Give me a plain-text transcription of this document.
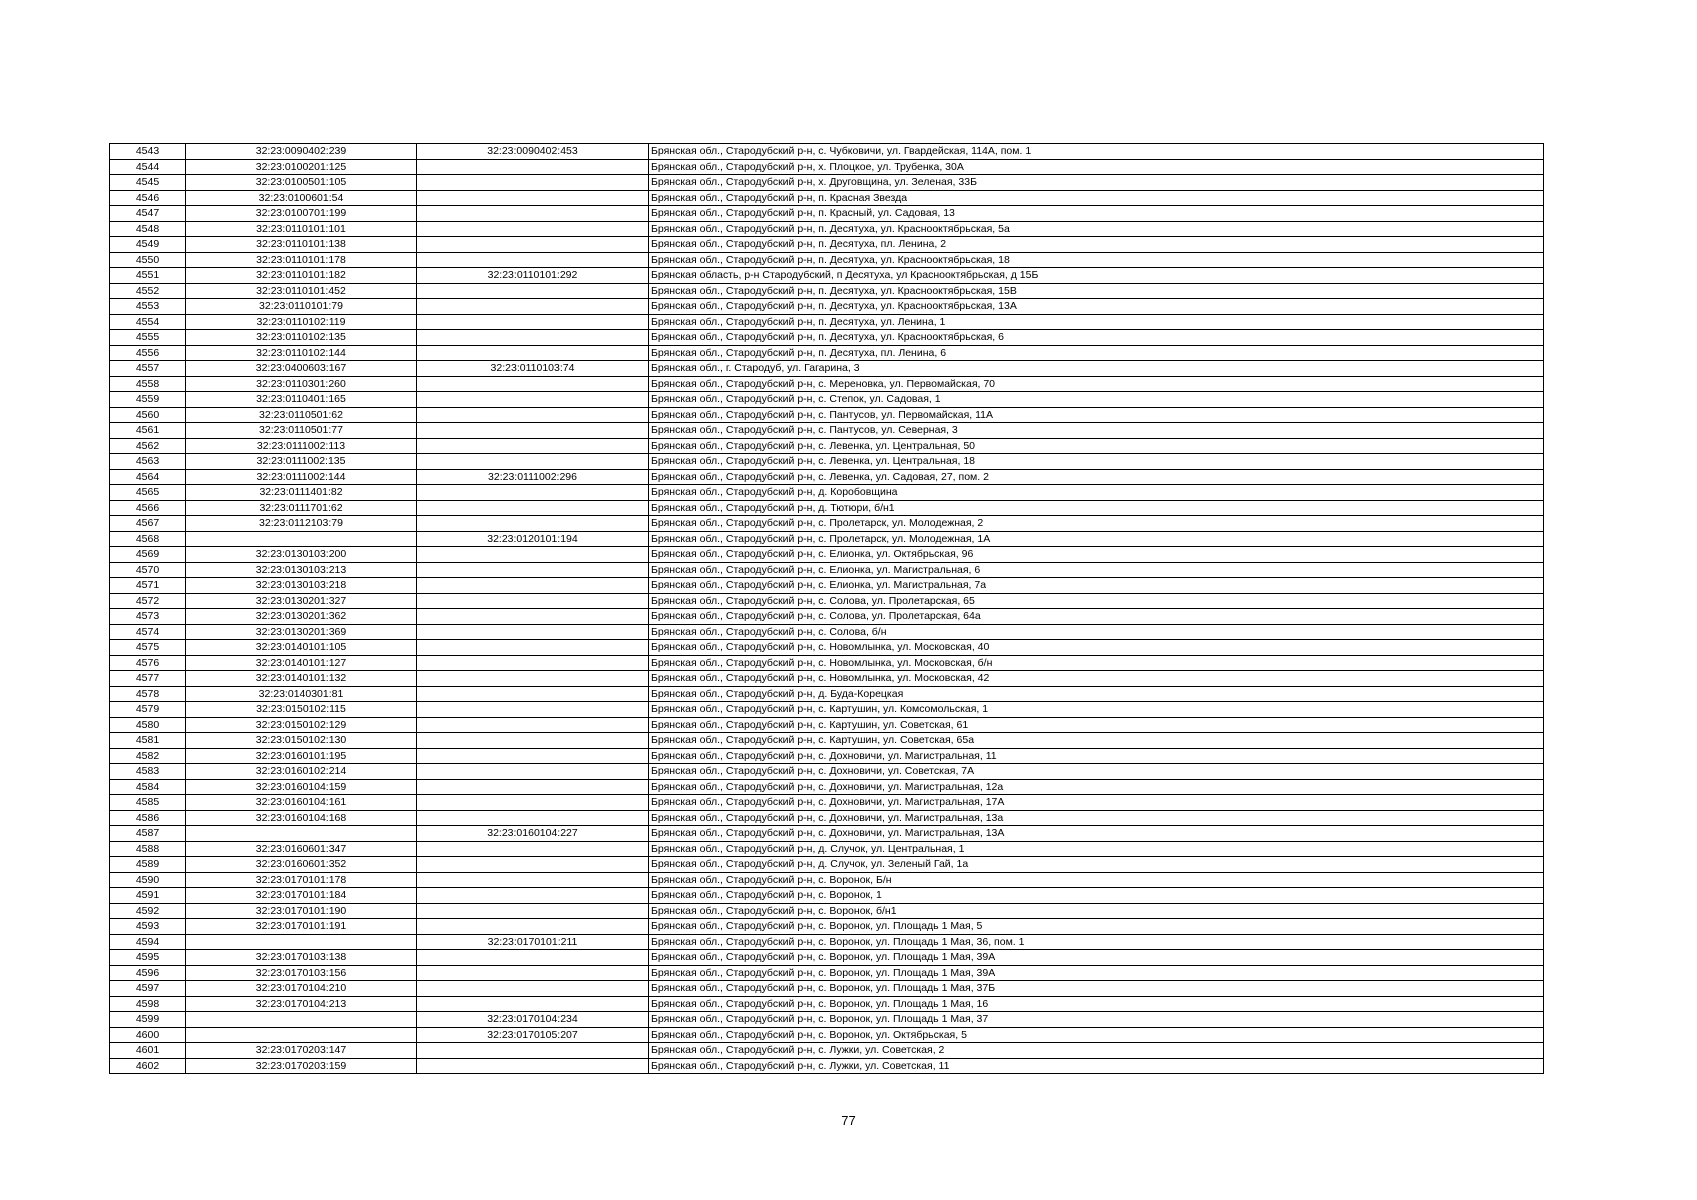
4543	32:23:0090402:239	32:23:0090402:453	Брянская обл., Стародубский р-н, с. Чубковичи, ул. Гвардейская, 114А, пом. 1
4544	32:23:0100201:125		Брянская обл., Стародубский р-н, х. Плоцкое, ул. Трубенка, 30А
4545	32:23:0100501:105		Брянская обл., Стародубский р-н, х. Друговщина, ул. Зеленая, 33Б
4546	32:23:0100601:54		Брянская обл., Стародубский р-н, п. Красная Звезда
4547	32:23:0100701:199		Брянская обл., Стародубский р-н, п. Красный, ул. Садовая, 13
4548	32:23:0110101:101		Брянская обл., Стародубский р-н, п. Десятуха, ул. Краснооктябрьская, 5а
4549	32:23:0110101:138		Брянская обл., Стародубский р-н, п. Десятуха, пл. Ленина, 2
4550	32:23:0110101:178		Брянская обл., Стародубский р-н, п. Десятуха, ул. Краснооктябрьская, 18
4551	32:23:0110101:182	32:23:0110101:292	Брянская область, р-н Стародубский, п Десятуха, ул Краснооктябрьская, д 15Б
4552	32:23:0110101:452		Брянская обл., Стародубский р-н, п. Десятуха, ул. Краснооктябрьская, 15В
4553	32:23:0110101:79		Брянская обл., Стародубский р-н, п. Десятуха, ул. Краснооктябрьская, 13А
4554	32:23:0110102:119		Брянская обл., Стародубский р-н, п. Десятуха, ул. Ленина, 1
4555	32:23:0110102:135		Брянская обл., Стародубский р-н, п. Десятуха, ул. Краснооктябрьская, 6
4556	32:23:0110102:144		Брянская обл., Стародубский р-н, п. Десятуха, пл. Ленина, 6
4557	32:23:0400603:167	32:23:0110103:74	Брянская обл., г. Стародуб, ул. Гагарина, 3
4558	32:23:0110301:260		Брянская обл., Стародубский р-н, с. Мереновка, ул. Первомайская, 70
4559	32:23:0110401:165		Брянская обл., Стародубский р-н, с. Степок, ул. Садовая, 1
4560	32:23:0110501:62		Брянская обл., Стародубский р-н, с. Пантусов, ул. Первомайская, 11А
4561	32:23:0110501:77		Брянская обл., Стародубский р-н, с. Пантусов, ул. Северная, 3
4562	32:23:0111002:113		Брянская обл., Стародубский р-н, с. Левенка, ул. Центральная, 50
4563	32:23:0111002:135		Брянская обл., Стародубский р-н, с. Левенка, ул. Центральная, 18
4564	32:23:0111002:144	32:23:0111002:296	Брянская обл., Стародубский р-н, с. Левенка, ул. Садовая, 27, пом. 2
4565	32:23:0111401:82		Брянская обл., Стародубский р-н, д. Коробовщина
4566	32:23:0111701:62		Брянская обл., Стародубский р-н, д. Тютюри, б/н1
4567	32:23:0112103:79		Брянская обл., Стародубский р-н, с. Пролетарск, ул. Молодежная, 2
4568		32:23:0120101:194	Брянская обл., Стародубский р-н, с. Пролетарск, ул. Молодежная, 1А
4569	32:23:0130103:200		Брянская обл., Стародубский р-н, с. Елионка, ул. Октябрьская, 96
4570	32:23:0130103:213		Брянская обл., Стародубский р-н, с. Елионка, ул. Магистральная, 6
4571	32:23:0130103:218		Брянская обл., Стародубский р-н, с. Елионка, ул. Магистральная, 7а
4572	32:23:0130201:327		Брянская обл., Стародубский р-н, с. Солова, ул. Пролетарская, 65
4573	32:23:0130201:362		Брянская обл., Стародубский р-н, с. Солова, ул. Пролетарская, 64а
4574	32:23:0130201:369		Брянская обл., Стародубский р-н, с. Солова, б/н
4575	32:23:0140101:105		Брянская обл., Стародубский р-н, с. Новомлынка, ул. Московская, 40
4576	32:23:0140101:127		Брянская обл., Стародубский р-н, с. Новомлынка, ул. Московская, б/н
4577	32:23:0140101:132		Брянская обл., Стародубский р-н, с. Новомлынка, ул. Московская, 42
4578	32:23:0140301:81		Брянская обл., Стародубский р-н, д. Буда-Корецкая
4579	32:23:0150102:115		Брянская обл., Стародубский р-н, с. Картушин, ул. Комсомольская, 1
4580	32:23:0150102:129		Брянская обл., Стародубский р-н, с. Картушин, ул. Советская, 61
4581	32:23:0150102:130		Брянская обл., Стародубский р-н, с. Картушин, ул. Советская, 65а
4582	32:23:0160101:195		Брянская обл., Стародубский р-н, с. Дохновичи, ул. Магистральная, 11
4583	32:23:0160102:214		Брянская обл., Стародубский р-н, с. Дохновичи, ул. Советская, 7А
4584	32:23:0160104:159		Брянская обл., Стародубский р-н, с. Дохновичи, ул. Магистральная, 12а
4585	32:23:0160104:161		Брянская обл., Стародубский р-н, с. Дохновичи, ул. Магистральная, 17А
4586	32:23:0160104:168		Брянская обл., Стародубский р-н, с. Дохновичи, ул. Магистральная, 13а
4587		32:23:0160104:227	Брянская обл., Стародубский р-н, с. Дохновичи, ул. Магистральная, 13А
4588	32:23:0160601:347		Брянская обл., Стародубский р-н, д. Случок, ул. Центральная, 1
4589	32:23:0160601:352		Брянская обл., Стародубский р-н, д. Случок, ул. Зеленый Гай, 1а
4590	32:23:0170101:178		Брянская обл., Стародубский р-н, с. Воронок, Б/н
4591	32:23:0170101:184		Брянская обл., Стародубский р-н, с. Воронок, 1
4592	32:23:0170101:190		Брянская обл., Стародубский р-н, с. Воронок, б/н1
4593	32:23:0170101:191		Брянская обл., Стародубский р-н, с. Воронок, ул. Площадь 1 Мая, 5
4594		32:23:0170101:211	Брянская обл., Стародубский р-н, с. Воронок, ул. Площадь 1 Мая, 36, пом. 1
4595	32:23:0170103:138		Брянская обл., Стародубский р-н, с. Воронок, ул. Площадь 1 Мая, 39А
4596	32:23:0170103:156		Брянская обл., Стародубский р-н, с. Воронок, ул. Площадь 1 Мая, 39А
4597	32:23:0170104:210		Брянская обл., Стародубский р-н, с. Воронок, ул. Площадь 1 Мая, 37Б
4598	32:23:0170104:213		Брянская обл., Стародубский р-н, с. Воронок, ул. Площадь 1 Мая, 16
4599		32:23:0170104:234	Брянская обл., Стародубский р-н, с. Воронок, ул. Площадь 1 Мая, 37
4600		32:23:0170105:207	Брянская обл., Стародубский р-н, с. Воронок, ул. Октябрьская, 5
4601	32:23:0170203:147		Брянская обл., Стародубский р-н, с. Лужки, ул. Советская, 2
4602	32:23:0170203:159		Брянская обл., Стародубский р-н, с. Лужки, ул. Советская, 11
77
